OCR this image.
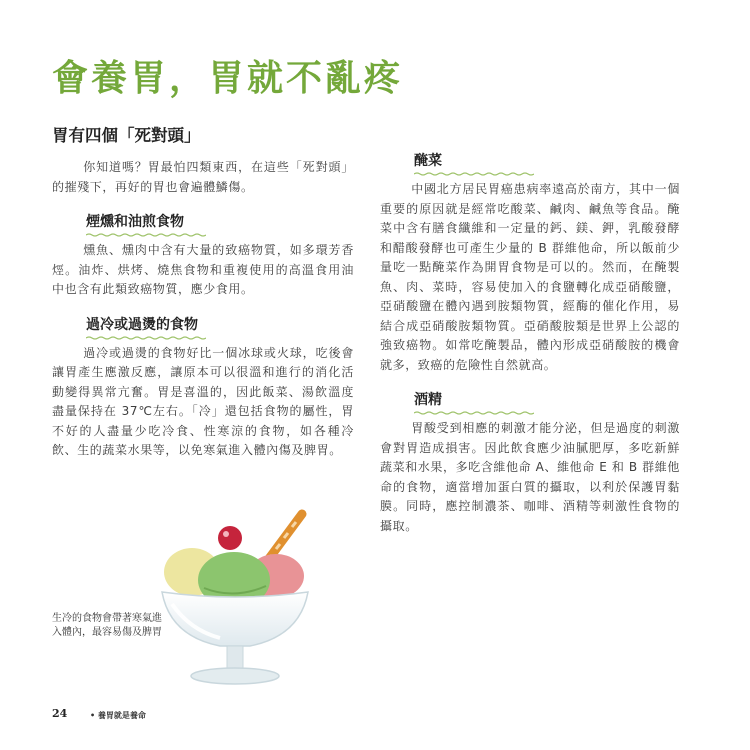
會養胃，胃就不亂疼
胃有四個「死對頭」

你知道嗎？胃最怕四類東西，在這些「死對頭」的摧殘下，再好的胃也會遍體鱗傷。

煙燻和油煎食物

燻魚、燻肉中含有大量的致癌物質，如多環芳香烴。油炸、烘烤、燒焦食物和重複使用的高溫食用油中也含有此類致癌物質，應少食用。

過冷或過燙的食物

過冷或過燙的食物好比一個冰球或火球，吃後會讓胃產生應激反應，讓原本可以很溫和進行的消化活動變得異常亢奮。胃是喜溫的，因此飯菜、湯飲溫度盡量保持在 37℃左右。「冷」還包括食物的屬性，胃不好的人盡量少吃冷食、性寒涼的食物，如各種冷飲、生的蔬菜水果等，以免寒氣進入體內傷及脾胃。

醃菜

中國北方居民胃癌患病率遠高於南方，其中一個重要的原因就是經常吃酸菜、鹹肉、鹹魚等食品。醃菜中含有膳食纖維和一定量的鈣、鎂、鉀，乳酸發酵和醋酸發酵也可產生少量的 B 群維他命，所以飯前少量吃一點醃菜作為開胃食物是可以的。然而，在醃製魚、肉、菜時，容易使加入的食鹽轉化成亞硝酸鹽，亞硝酸鹽在體內遇到胺類物質，經酶的催化作用，易結合成亞硝酸胺類物質。亞硝酸胺類是世界上公認的強致癌物。如常吃醃製品，體內形成亞硝酸胺的機會就多，致癌的危險性自然就高。

酒精

胃酸受到相應的刺激才能分泌，但是過度的刺激會對胃造成損害。因此飲食應少油膩肥厚，多吃新鮮蔬菜和水果，多吃含維他命 A、維他命 E 和 B 群維他命的食物，適當增加蛋白質的攝取，以利於保護胃黏膜。同時，應控制濃茶、咖啡、酒精等刺激性食物的攝取。

生冷的食物會帶著寒氣進入體內，最容易傷及脾胃

24	• 養胃就是養命
